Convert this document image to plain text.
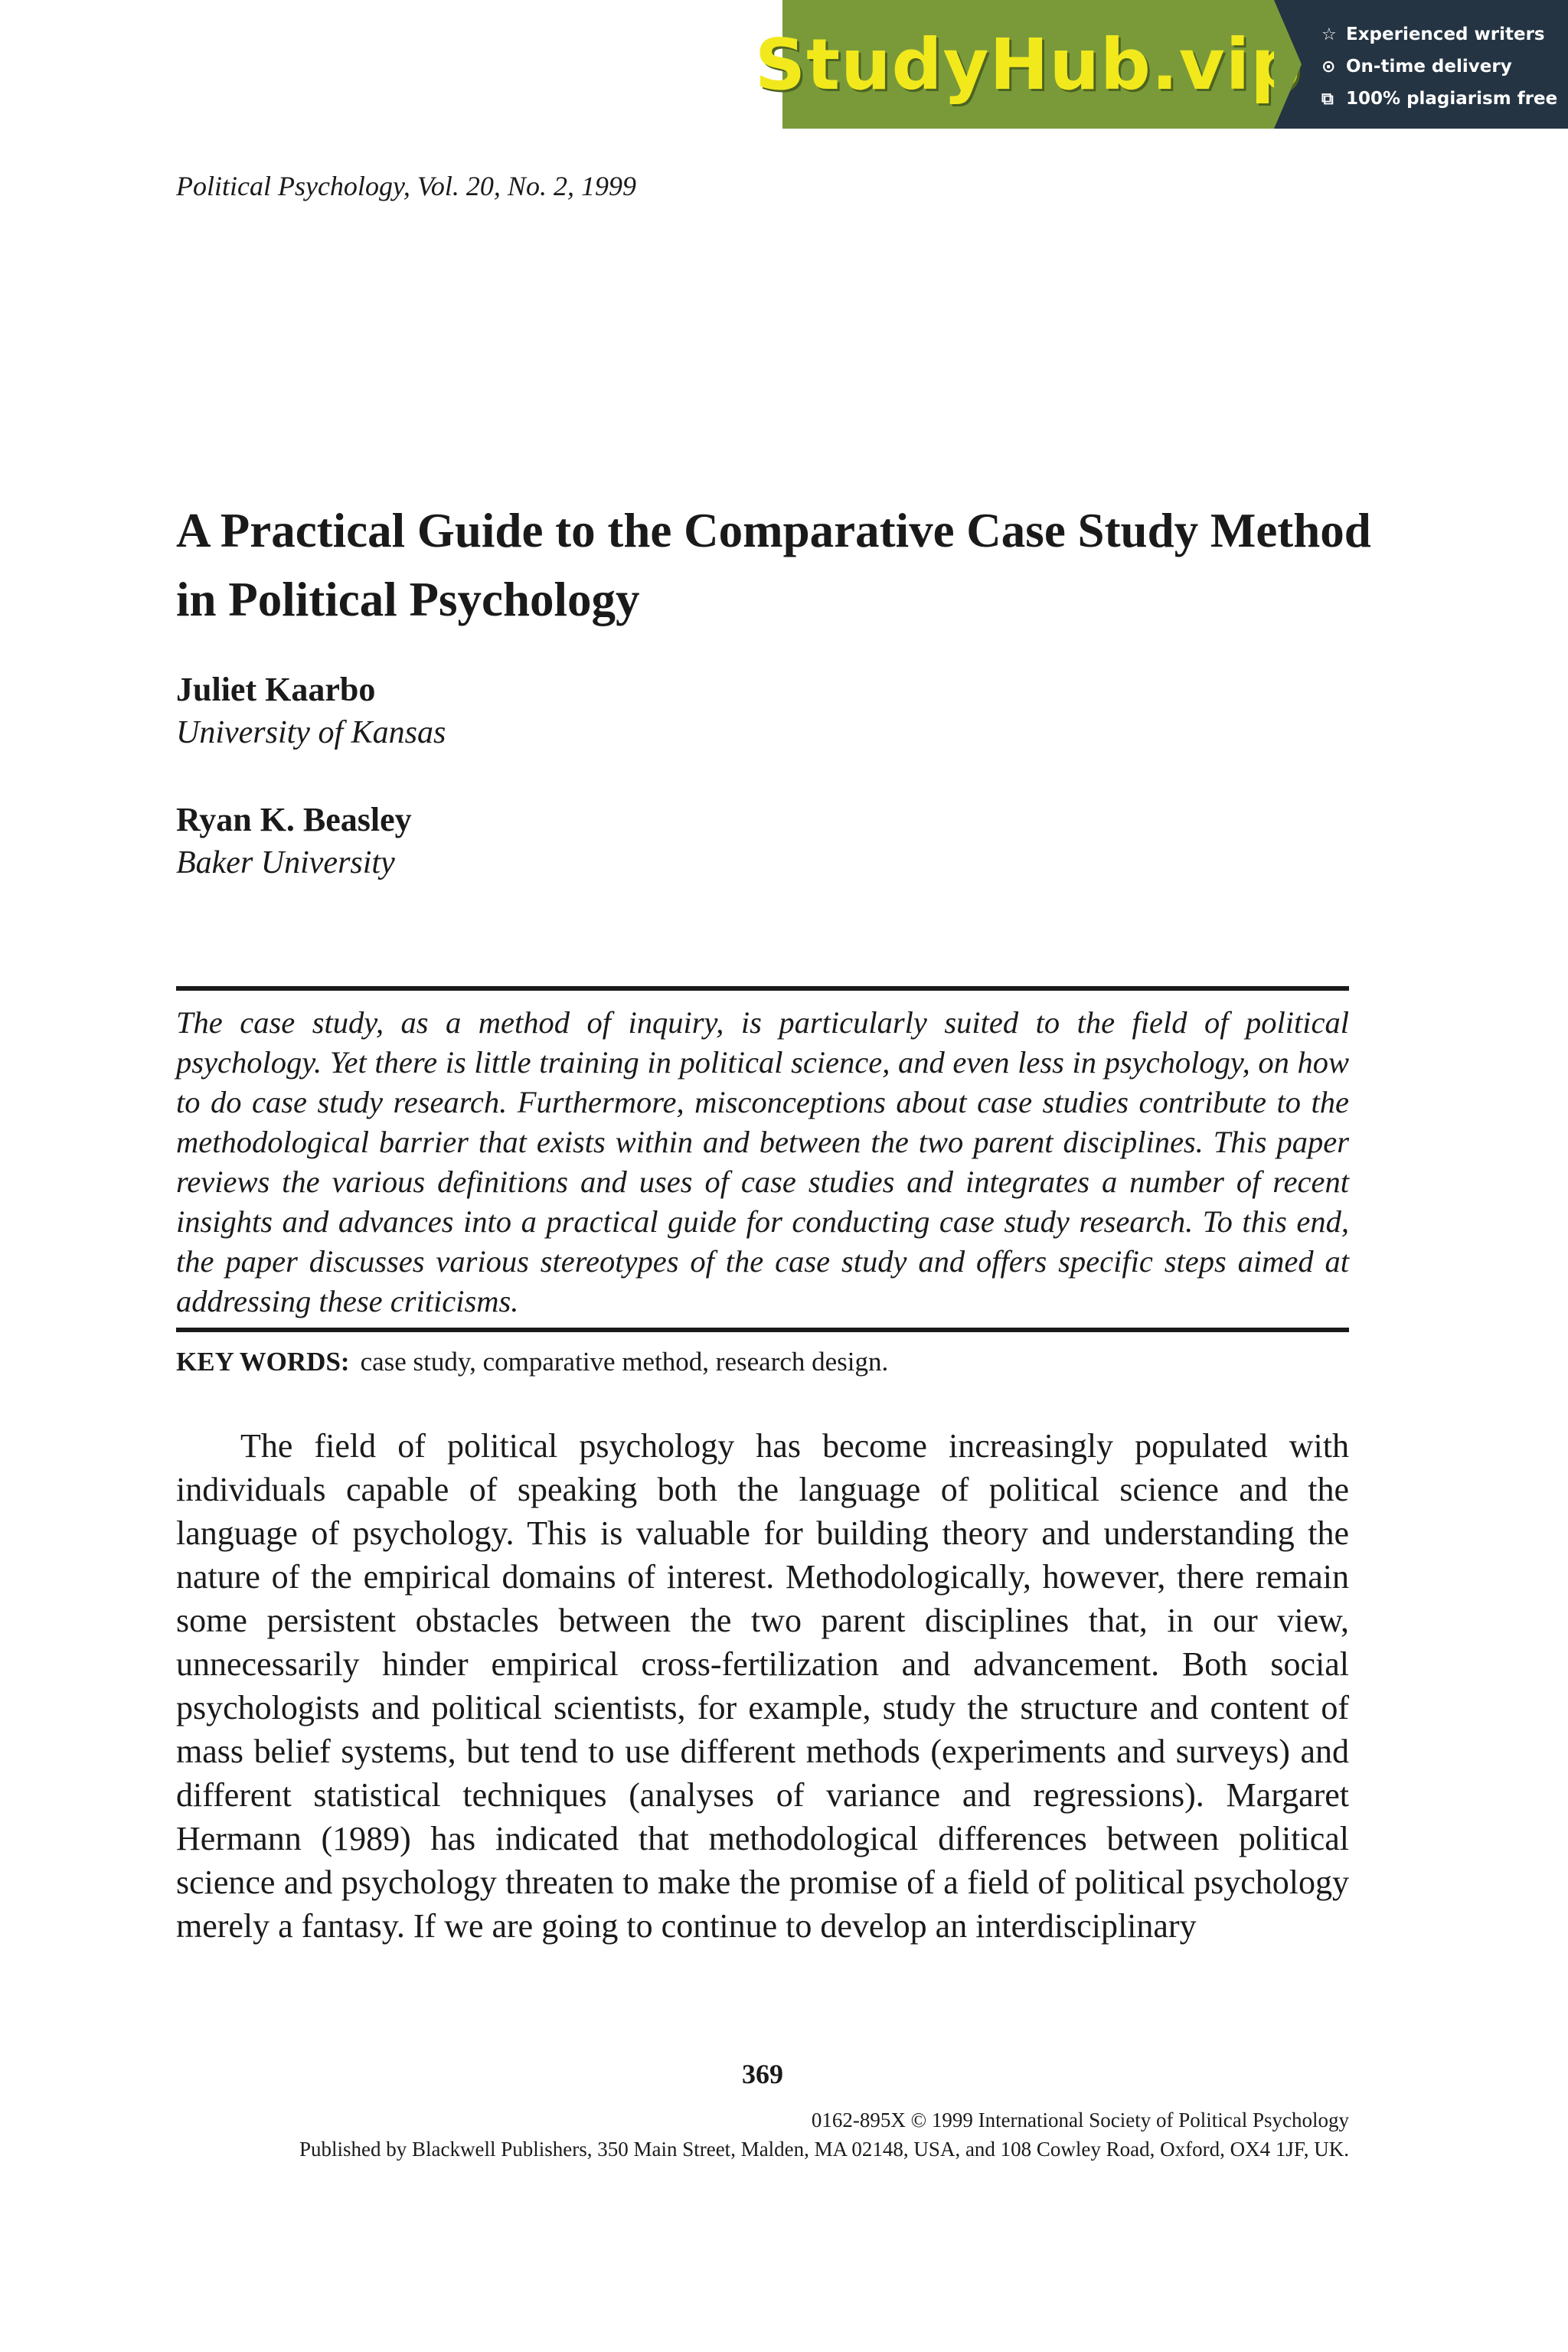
StudyHub.vip ☆ Experienced writers
⊙ On-time delivery
⧉ 100% plagiarism free
Political Psychology, Vol. 20, No. 2, 1999
A Practical Guide to the Comparative Case Study Method in Political Psychology
Juliet Kaarbo
University of Kansas
Ryan K. Beasley
Baker University

The case study, as a method of inquiry, is particularly suited to the field of political psychology. Yet there is little training in political science, and even less in psychology, on how to do case study research. Furthermore, misconceptions about case studies contribute to the methodological barrier that exists within and between the two parent disciplines. This paper reviews the various definitions and uses of case studies and integrates a number of recent insights and advances into a practical guide for conducting case study research. To this end, the paper discusses various stereotypes of the case study and offers specific steps aimed at addressing these criticisms.

KEY WORDS: case study, comparative method, research design.

The field of political psychology has become increasingly populated with individuals capable of speaking both the language of political science and the language of psychology. This is valuable for building theory and understanding the nature of the empirical domains of interest. Methodologically, however, there remain some persistent obstacles between the two parent disciplines that, in our view, unnecessarily hinder empirical cross-fertilization and advancement. Both social psychologists and political scientists, for example, study the structure and content of mass belief systems, but tend to use different methods (experiments and surveys) and different statistical techniques (analyses of variance and regressions). Margaret Hermann (1989) has indicated that methodological differences between political science and psychology threaten to make the promise of a field of political psychology merely a fantasy. If we are going to continue to develop an interdisciplinary

369
0162-895X © 1999 International Society of Political Psychology
Published by Blackwell Publishers, 350 Main Street, Malden, MA 02148, USA, and 108 Cowley Road, Oxford, OX4 1JF, UK.
